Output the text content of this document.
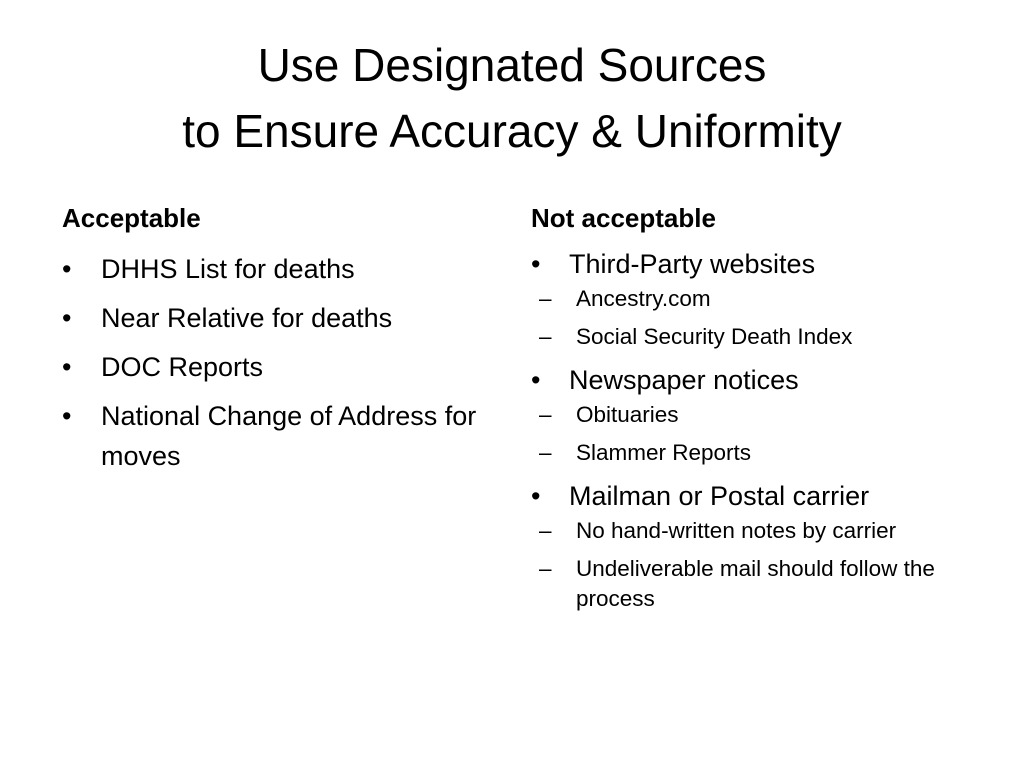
Use Designated Sources
to Ensure Accuracy & Uniformity
Acceptable
•	DHHS List for deaths
•	Near Relative for deaths
•	DOC Reports
•	National Change of Address for moves
Not acceptable
•	Third-Party websites
– Ancestry.com
– Social Security Death Index
•	Newspaper notices
– Obituaries
– Slammer Reports
•	Mailman or Postal carrier
– No hand-written notes by carrier
– Undeliverable mail should follow the process
